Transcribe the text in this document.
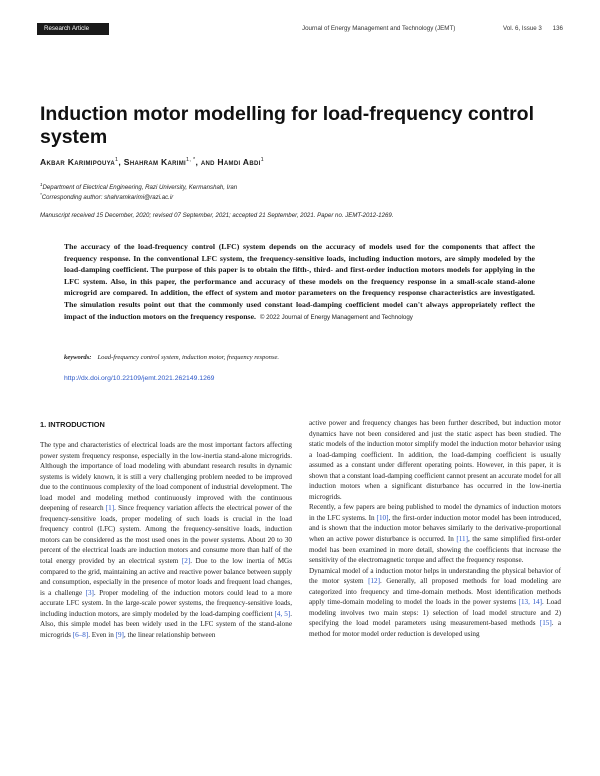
Research Article	Journal of Energy Management and Technology (JEMT)	Vol. 6, Issue 3 136
Induction motor modelling for load-frequency control system
Akbar Karimipouya$^1$, Shahram Karimi$^{1, *}$, and Hamdi Abdi$^1$
$^1$Department of Electrical Engineering, Razi University, Kermanshah, Iran
*Corresponding author: shahramkarimi@razi.ac.ir
Manuscript received 15 December, 2020; revised 07 September, 2021; accepted 21 September, 2021. Paper no. JEMT-2012-1269.

The accuracy of the load-frequency control (LFC) system depends on the accuracy of models used for the components that affect the frequency response. In the conventional LFC system, the frequency-sensitive loads, including induction motors, are simply modeled by the load-damping coefficient. The purpose of this paper is to obtain the fifth-, third- and first-order induction motors models for applying in the LFC system. Also, in this paper, the performance and accuracy of these models on the frequency response in a small-scale stand-alone microgrid are compared. In addition, the effect of system and motor parameters on the frequency response characteristics are investigated. The simulation results point out that the commonly used constant load-damping coefficient model can't always appropriately reflect the impact of the induction motors on the frequency response. © 2022 Journal of Energy Management and Technology

keywords: Load-frequency control system, induction motor, frequency response.
http://dx.doi.org/10.22109/jemt.2021.262149.1269
1. INTRODUCTION

The type and characteristics of electrical loads are the most important factors affecting power system frequency response, especially in the low-inertia stand-alone microgrids. Although the importance of load modeling with abundant research results in dynamic systems is widely known, it is still a very challenging problem needed to be improved due to the continuous complexity of the load component of industrial development. The load model and modeling method continuously improved with the continuous deepening of research [1]. Since frequency variation affects the electrical power of the frequency-sensitive loads, proper modeling of such loads is crucial in the load frequency control (LFC) system. Among the frequency-sensitive loads, induction motors can be considered as the most used ones in the power systems. About 20 to 30 percent of the electrical loads are induction motors and consume more than half of the total energy provided by an electrical system [2]. Due to the low inertia of MGs compared to the grid, maintaining an active and reactive power balance between supply and consumption, especially in the presence of motor loads and frequent load changes, is a challenge [3]. Proper modeling of the induction motors could lead to a more accurate LFC system. In the large-scale power systems, the frequency-sensitive loads, including induction motors, are simply modeled by the load-damping coefficient [4, 5]. Also, this simple model has been widely used in the LFC system of the stand-alone microgrids [6–8]. Even in [9], the linear relationship between

active power and frequency changes has been further described, but induction motor dynamics have not been considered and just the static aspect has been studied. The static models of the induction motor simplify model the induction motor behavior using a load-damping coefficient. In addition, the load-damping coefficient is usually assumed as a constant under different operating points. However, in this paper, it is shown that a constant load-damping coefficient cannot present an accurate model for all induction motors when a significant disturbance has occurred in the low-inertia microgrids.

Recently, a few papers are being published to model the dynamics of induction motors in the LFC systems. In [10], the first-order induction motor model has been introduced, and is shown that the induction motor behaves similarly to the derivative-proportional when an active power disturbance is occurred. In [11], the same simplified first-order model has been examined in more detail, showing the coefficients that increase the sensitivity of the electromagnetic torque and affect the frequency response.

Dynamical model of a induction motor helps in understanding the physical behavior of the motor system [12]. Generally, all proposed methods for load modeling are categorized into frequency and time-domain methods. Most identification methods apply time-domain modeling to model the loads in the power systems [13, 14]. Load modeling involves two main steps: 1) selection of load model structure and 2) specifying the load model parameters using measurement-based methods [15]. a method for motor model order reduction is developed using
